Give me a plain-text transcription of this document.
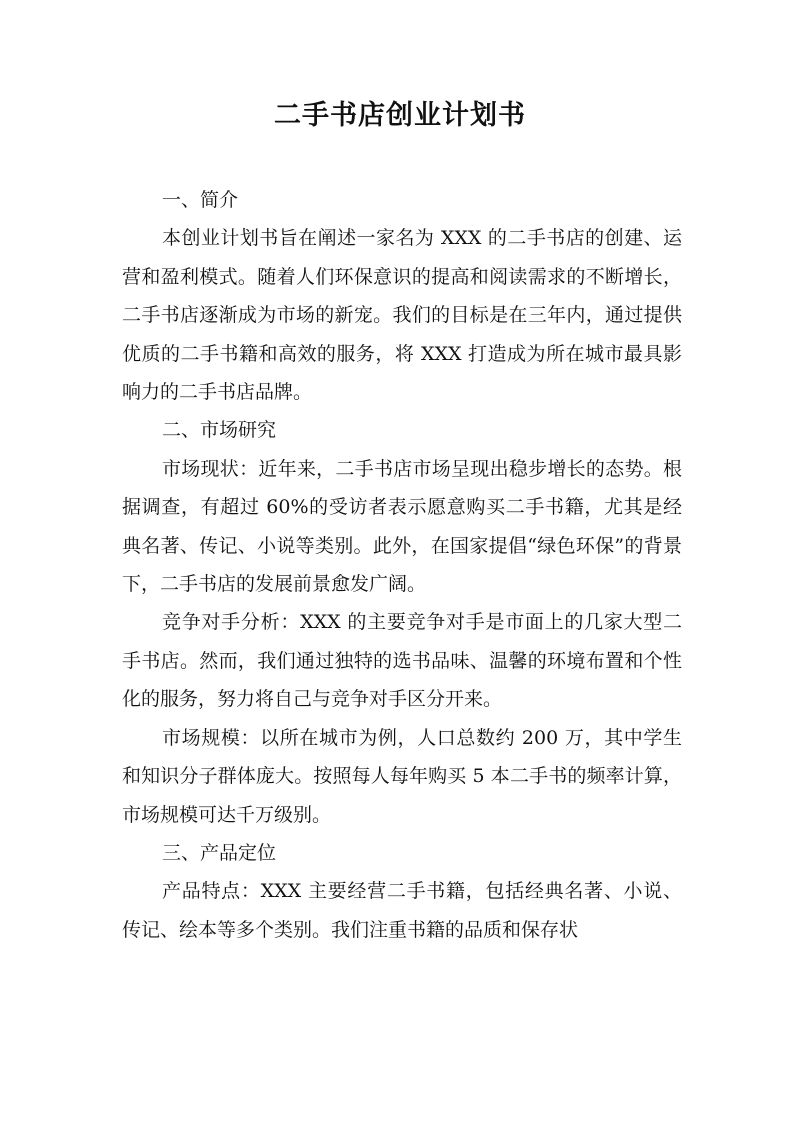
二手书店创业计划书

一、简介

本创业计划书旨在阐述一家名为 XXX 的二手书店的创建、运营和盈利模式。随着人们环保意识的提高和阅读需求的不断增长，二手书店逐渐成为市场的新宠。我们的目标是在三年内，通过提供优质的二手书籍和高效的服务，将 XXX 打造成为所在城市最具影响力的二手书店品牌。

二、市场研究

市场现状：近年来，二手书店市场呈现出稳步增长的态势。根据调查，有超过 60%的受访者表示愿意购买二手书籍，尤其是经典名著、传记、小说等类别。此外，在国家提倡“绿色环保”的背景下，二手书店的发展前景愈发广阔。

竞争对手分析：XXX 的主要竞争对手是市面上的几家大型二手书店。然而，我们通过独特的选书品味、温馨的环境布置和个性化的服务，努力将自己与竞争对手区分开来。

市场规模：以所在城市为例，人口总数约 200 万，其中学生和知识分子群体庞大。按照每人每年购买 5 本二手书的频率计算，市场规模可达千万级别。

三、产品定位

产品特点：XXX 主要经营二手书籍，包括经典名著、小说、传记、绘本等多个类别。我们注重书籍的品质和保存状
